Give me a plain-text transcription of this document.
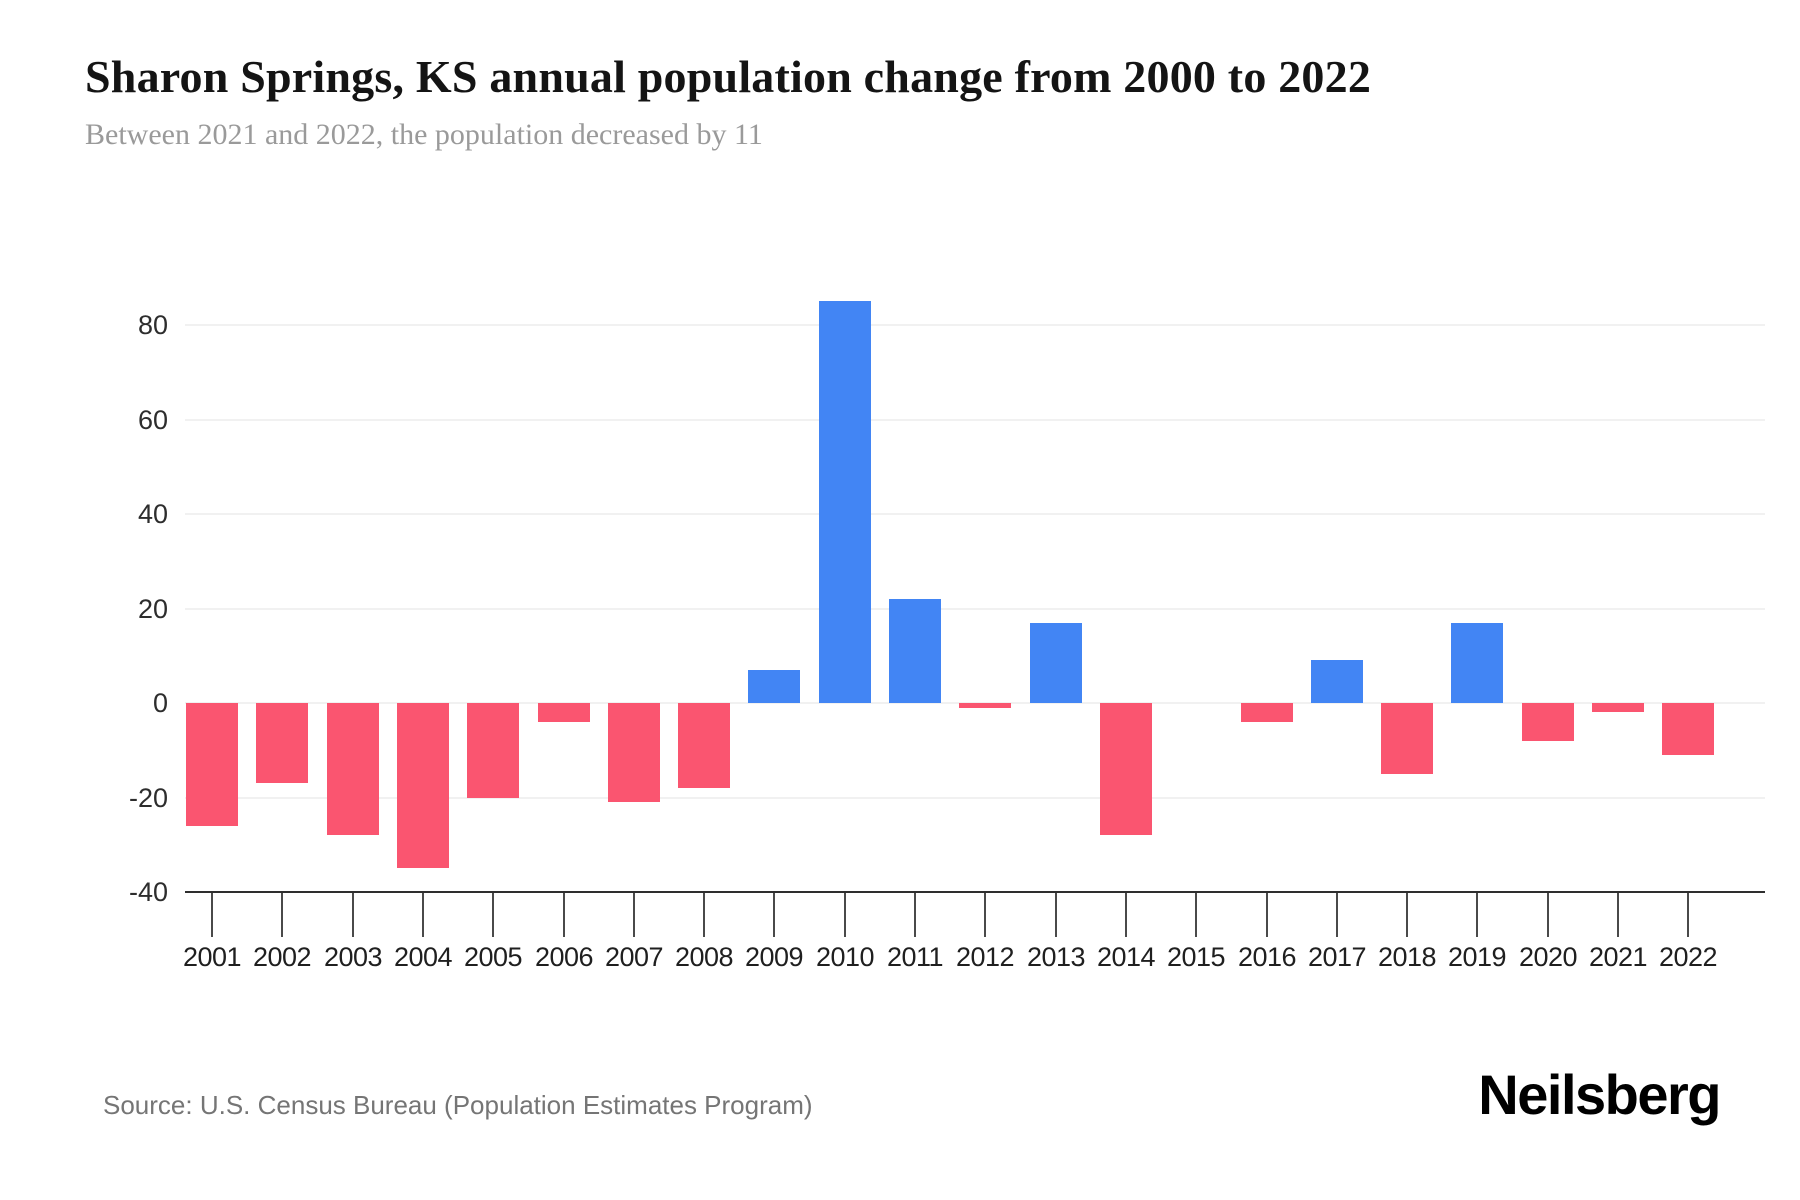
Sharon Springs, KS annual population change from 2000 to 2022

Between 2021 and 2022, the population decreased by 11

80
60
40
20
0
-20
-40
2001 2002 2003 2004 2005 2006 2007 2008 2009 2010 2011 2012 2013 2014 2015 2016 2017 2018 2019 2020 2021 2022
Source: U.S. Census Bureau (Population Estimates Program)	Neilsberg
